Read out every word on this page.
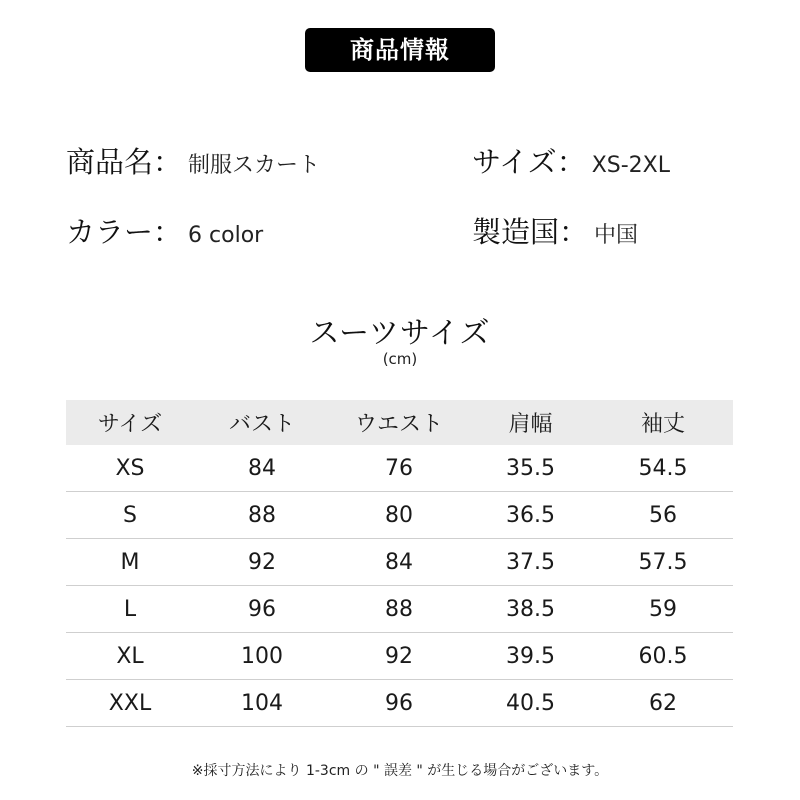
商品情報
商品名 ： 制服スカート	サイズ ： XS-2XL
カラー ： 6 color	製造国 ： 中国
スーツサイズ
(cm)
サイズ	バスト	ウエスト	肩幅	袖丈
XS	84	76	35.5	54.5
S	88	80	36.5	56
M	92	84	37.5	57.5
L	96	88	38.5	59
XL	100	92	39.5	60.5
XXL	104	96	40.5	62
※採寸方法により 1-3cm の " 誤差 " が生じる場合がございます。
